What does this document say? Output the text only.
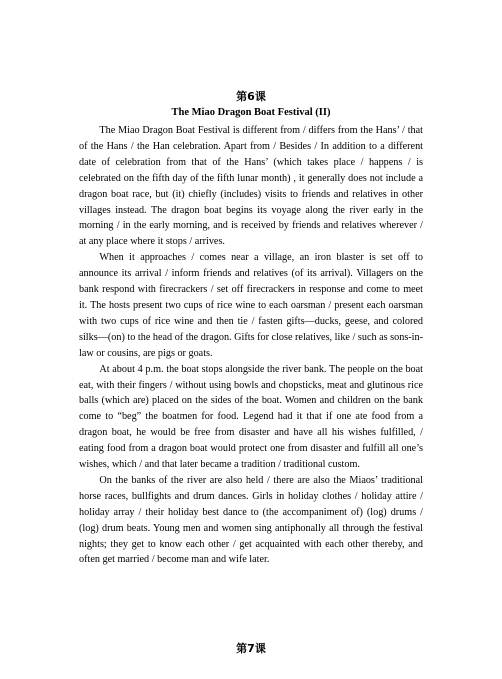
第6课
The Miao Dragon Boat Festival (II)

The Miao Dragon Boat Festival is different from / differs from the Hans’ / that of the Hans / the Han celebration. Apart from / Besides / In addition to a different date of celebration from that of the Hans’ (which takes place / happens / is celebrated on the fifth day of the fifth lunar month) , it generally does not include a dragon boat race, but (it) chiefly (includes) visits to friends and relatives in other villages instead. The dragon boat begins its voyage along the river early in the morning / in the early morning, and is received by friends and relatives wherever / at any place where it stops / arrives.

When it approaches / comes near a village, an iron blaster is set off to announce its arrival / inform friends and relatives (of its arrival). Villagers on the bank respond with firecrackers / set off firecrackers in response and come to meet it. The hosts present two cups of rice wine to each oarsman / present each oarsman with two cups of rice wine and then tie / fasten gifts—ducks, geese, and colored silks—(on) to the head of the dragon. Gifts for close relatives, like / such as sons-in-law or cousins, are pigs or goats.

At about 4 p.m. the boat stops alongside the river bank. The people on the boat eat, with their fingers / without using bowls and chopsticks, meat and glutinous rice balls (which are) placed on the sides of the boat. Women and children on the bank come to “beg” the boatmen for food. Legend had it that if one ate food from a dragon boat, he would be free from disaster and have all his wishes fulfilled, / eating food from a dragon boat would protect one from disaster and fulfill all one’s wishes, which / and that later became a tradition / traditional custom.

On the banks of the river are also held / there are also the Miaos’ traditional horse races, bullfights and drum dances. Girls in holiday clothes / holiday attire / holiday array / their holiday best dance to (the accompaniment of) (log) drums / (log) drum beats. Young men and women sing antiphonally all through the festival nights; they get to know each other / get acquainted with each other thereby, and often get married / become man and wife later.

第7课
